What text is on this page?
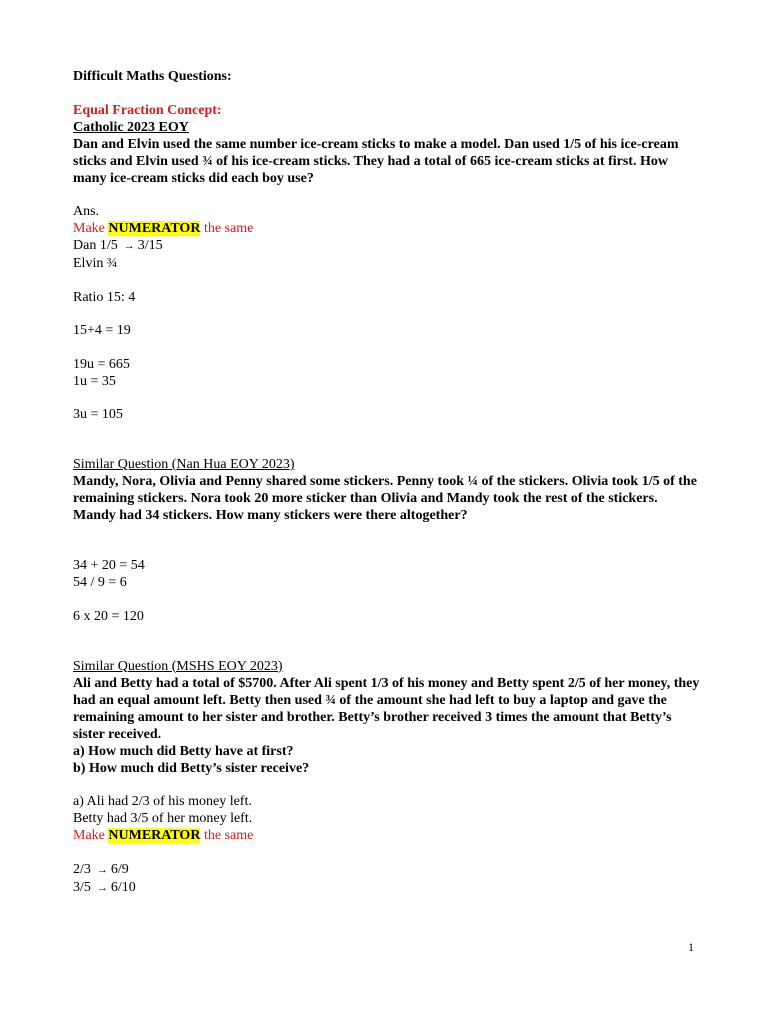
Difficult Maths Questions:
Equal Fraction Concept:
Catholic 2023 EOY
Dan and Elvin used the same number ice-cream sticks to make a model. Dan used 1/5 of his ice-cream sticks and Elvin used ¾ of his ice-cream sticks. They had a total of 665 ice-cream sticks at first. How many ice-cream sticks did each boy use?
Ans.
Make NUMERATOR the same
Dan 1/5 → 3/15
Elvin ¾
Ratio 15: 4
15+4 = 19
19u = 665
1u = 35
3u = 105
Similar Question (Nan Hua EOY 2023)
Mandy, Nora, Olivia and Penny shared some stickers. Penny took ¼ of the stickers. Olivia took 1/5 of the remaining stickers. Nora took 20 more sticker than Olivia and Mandy took the rest of the stickers. Mandy had 34 stickers. How many stickers were there altogether?
34 + 20 = 54
54 / 9 = 6
6 x 20 = 120
Similar Question (MSHS EOY 2023)
Ali and Betty had a total of $5700. After Ali spent 1/3 of his money and Betty spent 2/5 of her money, they had an equal amount left. Betty then used ¾ of the amount she had left to buy a laptop and gave the remaining amount to her sister and brother. Betty’s brother received 3 times the amount that Betty’s sister received.
a) How much did Betty have at first?
b) How much did Betty’s sister receive?
a) Ali had 2/3 of his money left.
Betty had 3/5 of her money left.
Make NUMERATOR the same
2/3 → 6/9
3/5 → 6/10
1
